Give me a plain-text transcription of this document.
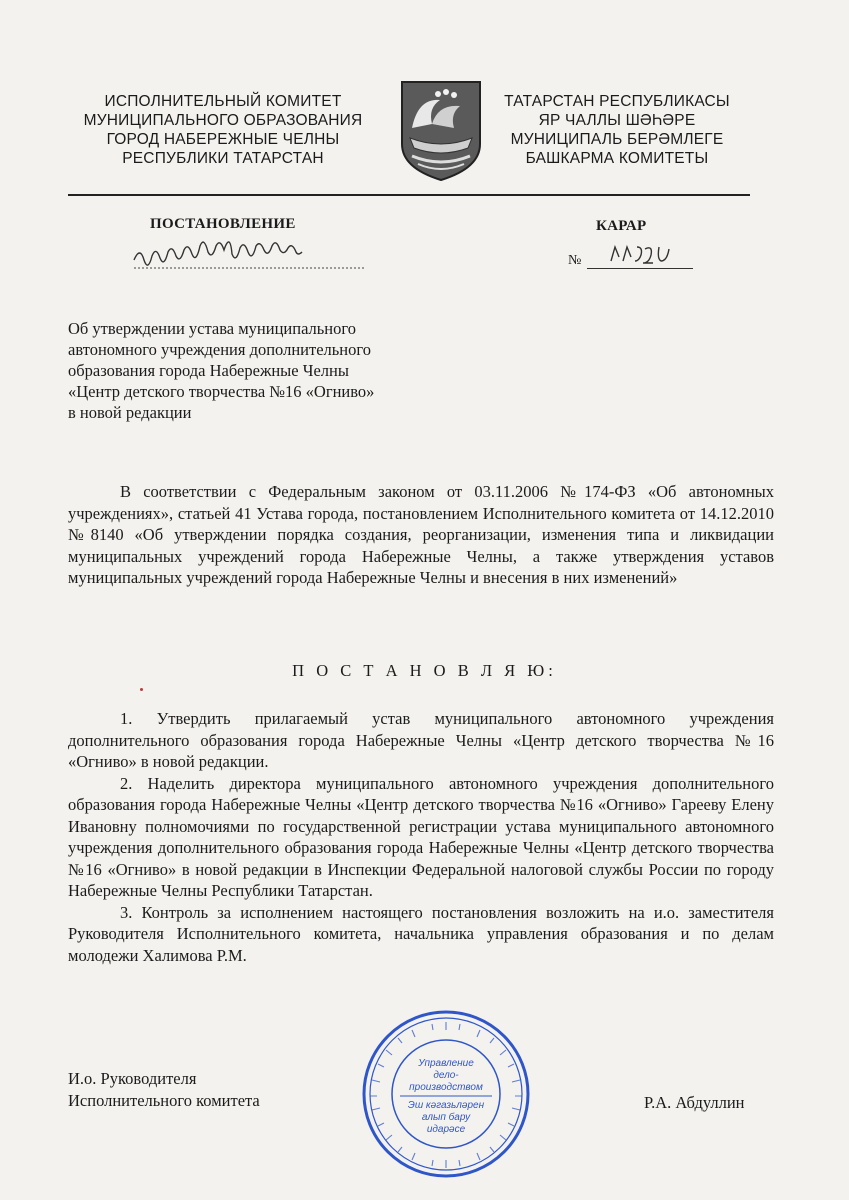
ИСПОЛНИТЕЛЬНЫЙ КОМИТЕТ
МУНИЦИПАЛЬНОГО ОБРАЗОВАНИЯ
ГОРОД НАБЕРЕЖНЫЕ ЧЕЛНЫ
РЕСПУБЛИКИ ТАТАРСТАН
ТАТАРСТАН РЕСПУБЛИКАСЫ
ЯР ЧАЛЛЫ ШӘҺӘРЕ
МУНИЦИПАЛЬ БЕРӘМЛЕГЕ
БАШКАРМА КОМИТЕТЫ
ПОСТАНОВЛЕНИЕ	КАРАР
№
Об утверждении устава муниципального
автономного учреждения дополнительного
образования города Набережные Челны
«Центр детского творчества №16 «Огниво»
в новой редакции
В соответствии с Федеральным законом от 03.11.2006 №174-ФЗ «Об автономных учреждениях», статьей 41 Устава города, постановлением Исполнительного комитета от 14.12.2010 №8140 «Об утверждении порядка создания, реорганизации, изменения типа и ликвидации муниципальных учреждений города Набережные Челны, а также утверждения уставов муниципальных учреждений города Набережные Челны и внесения в них изменений»
П О С Т А Н О В Л Я Ю:

1. Утвердить прилагаемый устав муниципального автономного учреждения дополнительного образования города Набережные Челны «Центр детского творчества №16 «Огниво» в новой редакции.

2. Наделить директора муниципального автономного учреждения дополнительного образования города Набережные Челны «Центр детского творчества №16 «Огниво» Гарееву Елену Ивановну полномочиями по государственной регистрации устава муниципального автономного учреждения дополнительного образования города Набережные Челны «Центр детского творчества №16 «Огниво» в новой редакции в Инспекции Федеральной налоговой службы России по городу Набережные Челны Республики Татарстан.

3. Контроль за исполнением настоящего постановления возложить на и.о. заместителя Руководителя Исполнительного комитета, начальника управления образования и по делам молодежи Халимова Р.М.

И.о. Руководителя
Исполнительного комитета	Р.А. Абдуллин
Управление
дело-
производством
Эш кәгазьләрен
алып бару
идарәсе
